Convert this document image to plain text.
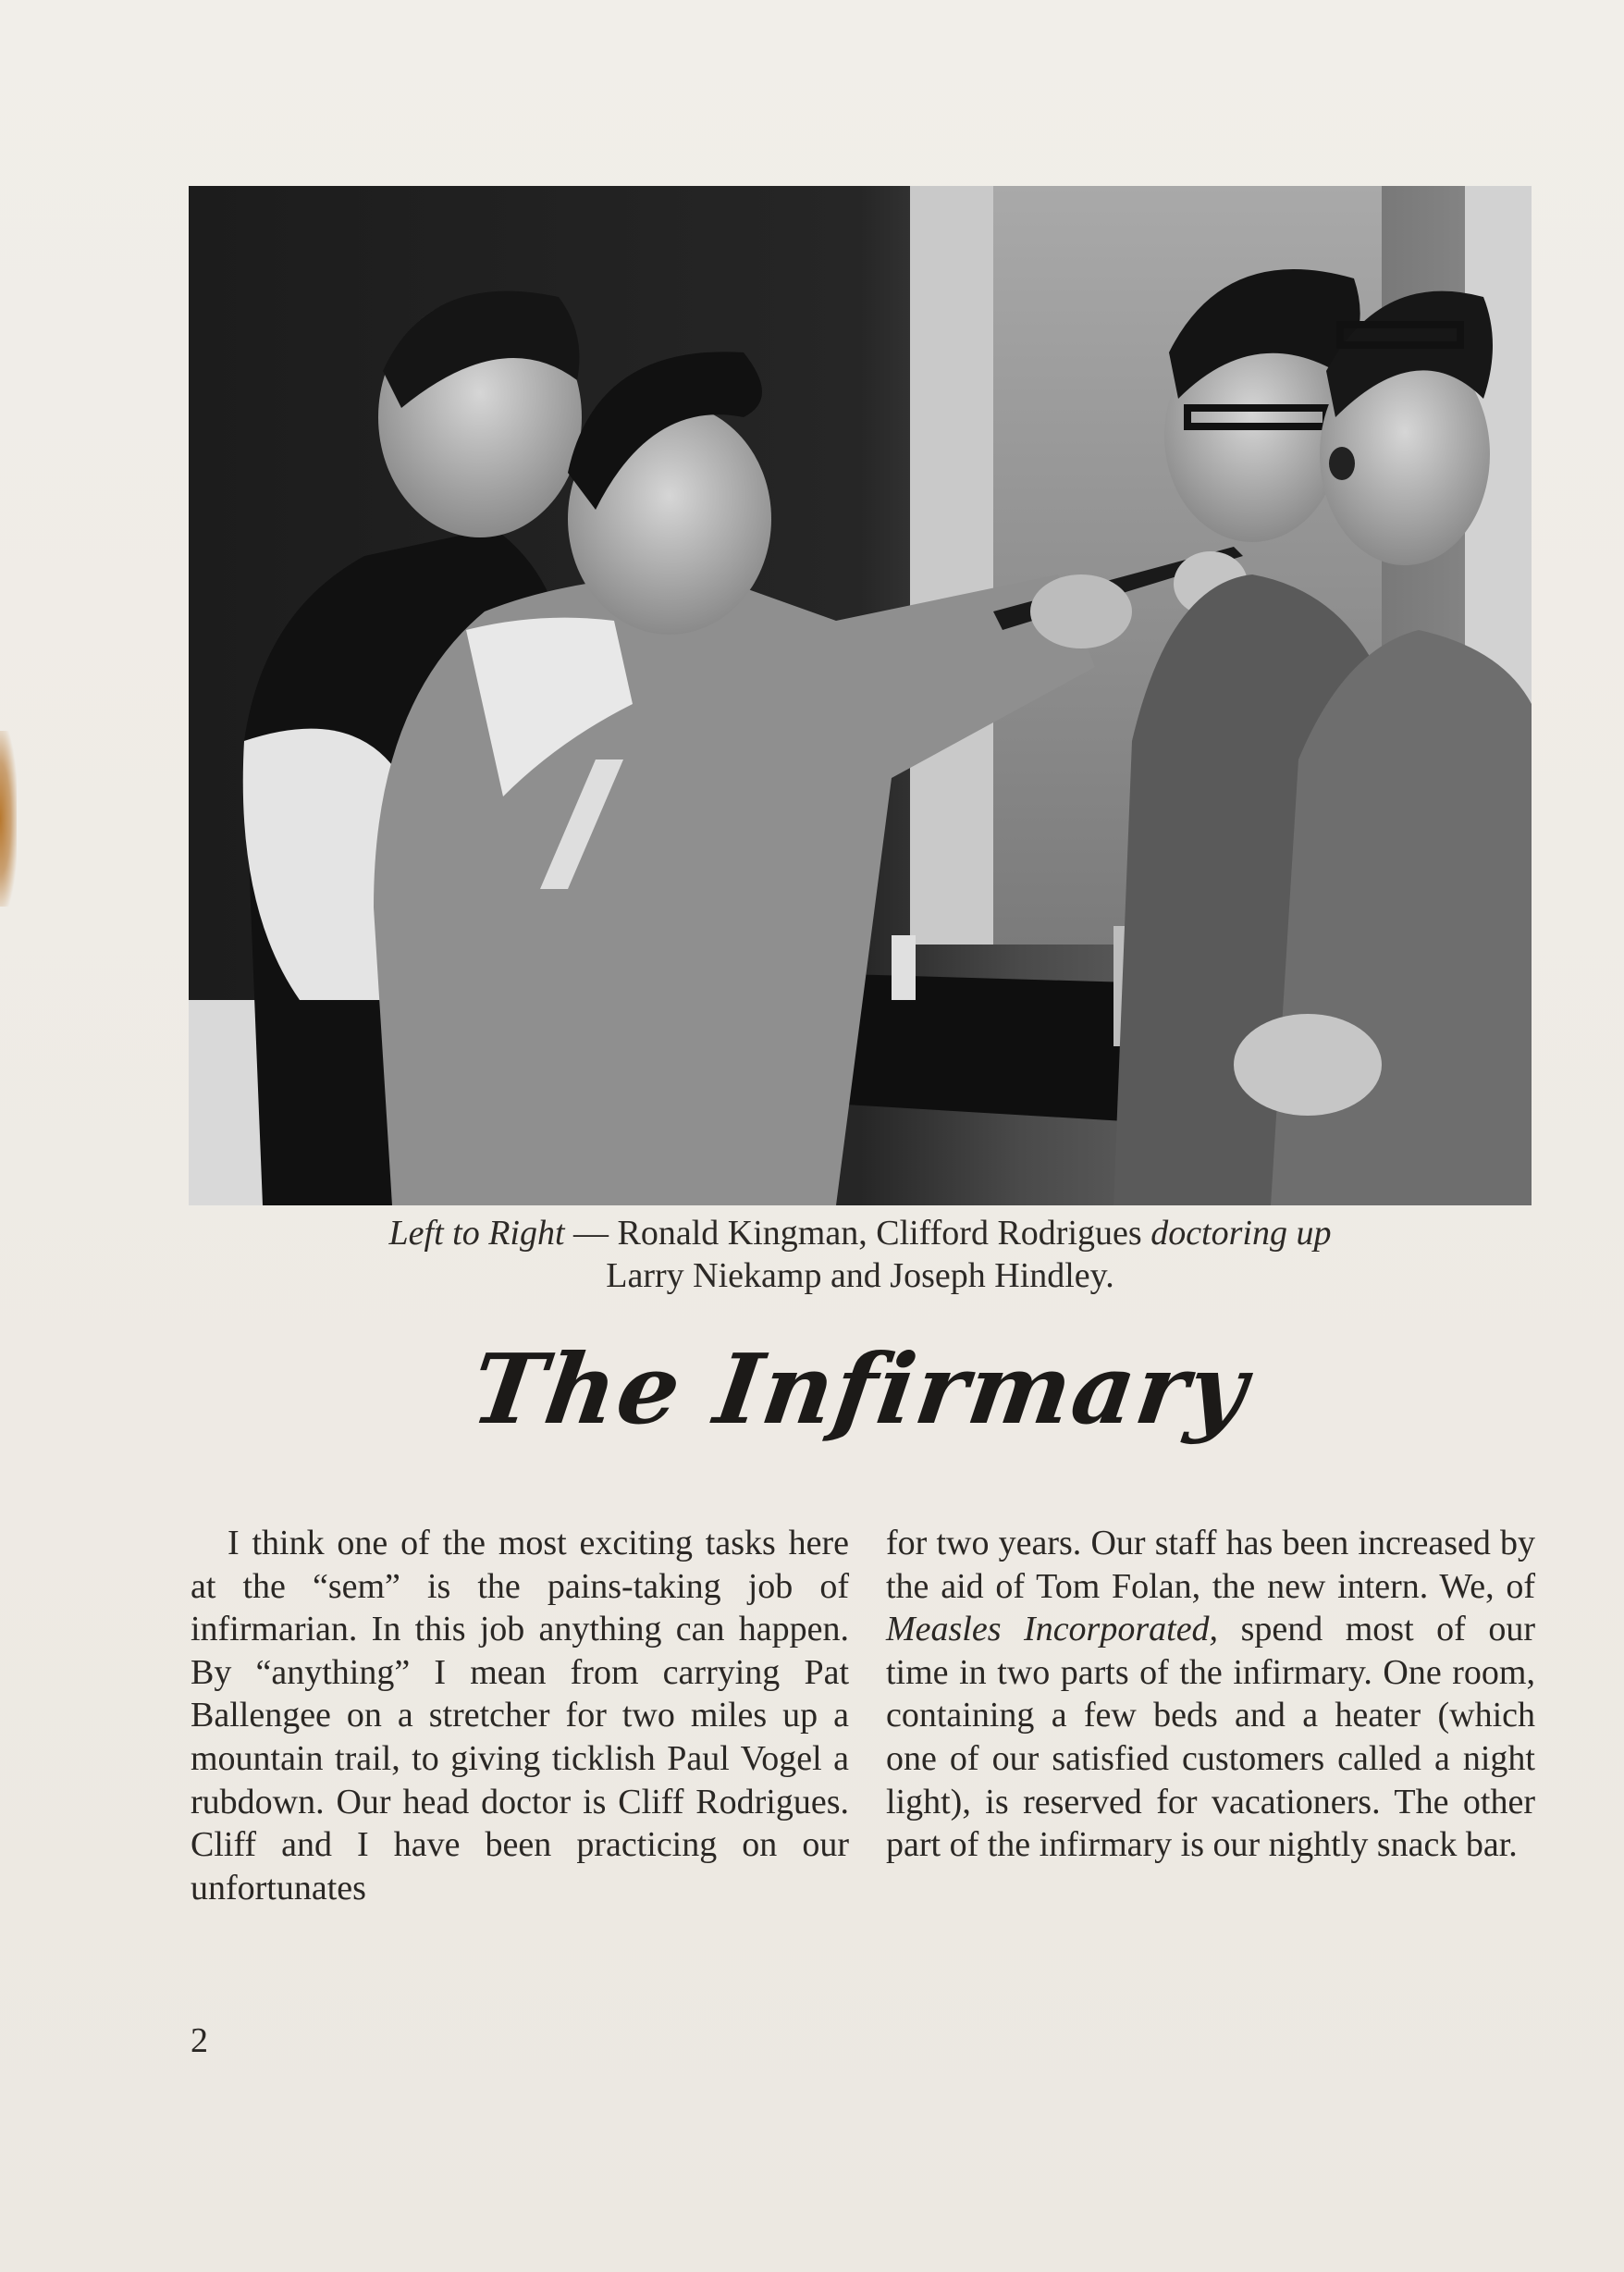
Left to Right — Ronald Kingman, Clifford Rodrigues doctoring up
Larry Niekamp and Joseph Hindley.
The Infirmary

I think one of the most exciting tasks here at the “sem” is the pains-taking job of infirmarian. In this job anything can happen. By “anything” I mean from carrying Pat Ballengee on a stretcher for two miles up a mountain trail, to giving ticklish Paul Vogel a rubdown. Our head doctor is Cliff Rodrigues. Cliff and I have been practicing on our unfortunates

for two years. Our staff has been increased by the aid of Tom Folan, the new intern. We, of Measles Incorporated, spend most of our time in two parts of the infirmary. One room, containing a few beds and a heater (which one of our satisfied customers called a night light), is reserved for vacationers. The other part of the infirmary is our nightly snack bar.

2
